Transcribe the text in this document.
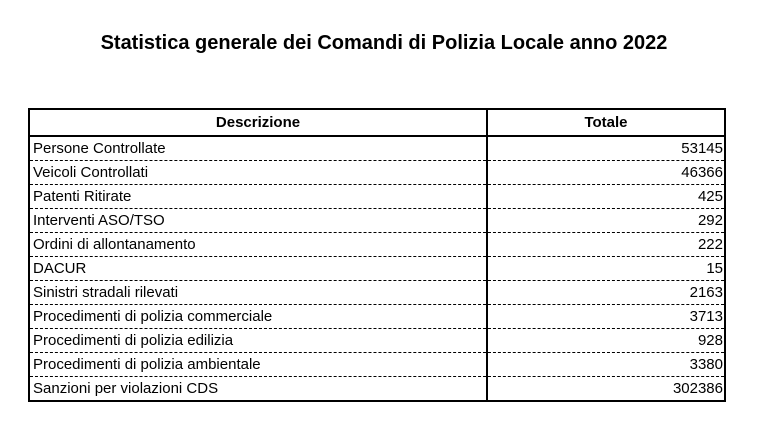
Statistica generale dei Comandi di Polizia Locale anno 2022
Descrizione	Totale
Persone Controllate	53145
Veicoli Controllati	46366
Patenti Ritirate	425
Interventi ASO/TSO	292
Ordini di allontanamento	222
DACUR	15
Sinistri stradali rilevati	2163
Procedimenti di polizia commerciale	3713
Procedimenti di polizia edilizia	928
Procedimenti di polizia ambientale	3380
Sanzioni per violazioni CDS	302386
